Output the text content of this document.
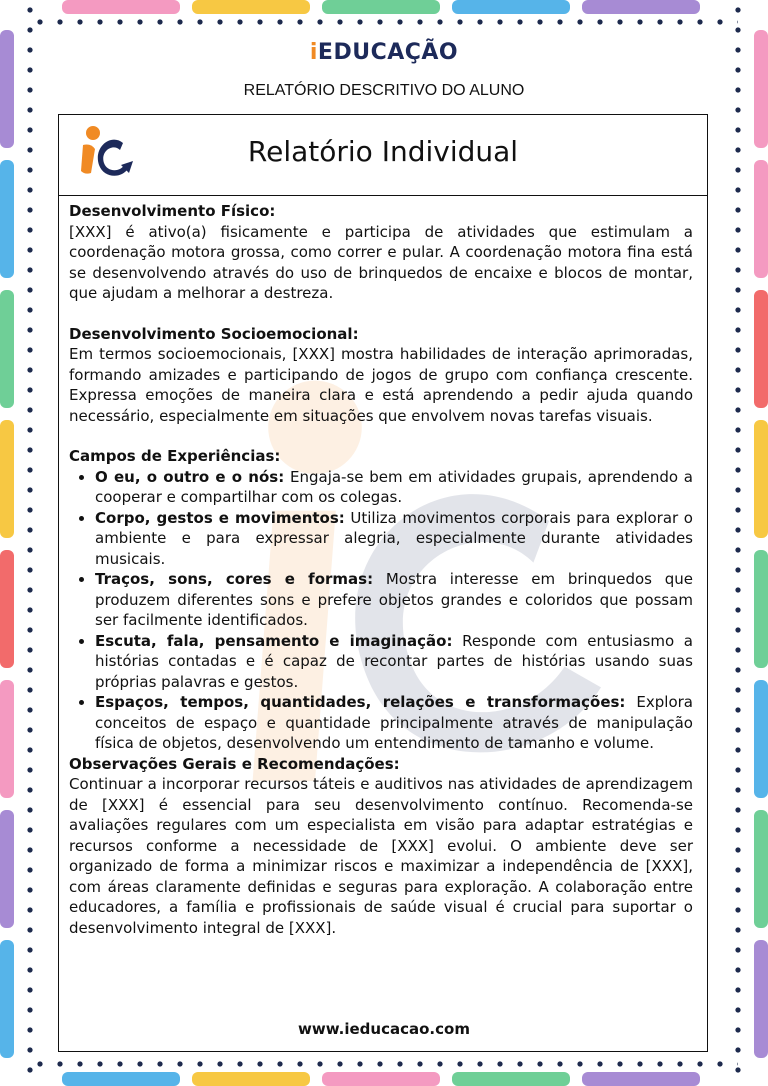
iEDUCAÇÃO
RELATÓRIO DESCRITIVO DO ALUNO
Relatório Individual
Desenvolvimento Físico:

[XXX] é ativo(a) fisicamente e participa de atividades que estimulam a coordenação motora grossa, como correr e pular. A coordenação motora fina está se desenvolvendo através do uso de brinquedos de encaixe e blocos de montar, que ajudam a melhorar a destreza.

Desenvolvimento Socioemocional:

Em termos socioemocionais, [XXX] mostra habilidades de interação aprimoradas, formando amizades e participando de jogos de grupo com confiança crescente. Expressa emoções de maneira clara e está aprendendo a pedir ajuda quando necessário, especialmente em situações que envolvem novas tarefas visuais.

Campos de Experiências:
• O eu, o outro e o nós: Engaja-se bem em atividades grupais, aprendendo a cooperar e compartilhar com os colegas.
• Corpo, gestos e movimentos: Utiliza movimentos corporais para explorar o ambiente e para expressar alegria, especialmente durante atividades musicais.
• Traços, sons, cores e formas: Mostra interesse em brinquedos que produzem diferentes sons e prefere objetos grandes e coloridos que possam ser facilmente identificados.
• Escuta, fala, pensamento e imaginação: Responde com entusiasmo a histórias contadas e é capaz de recontar partes de histórias usando suas próprias palavras e gestos.
• Espaços, tempos, quantidades, relações e transformações: Explora conceitos de espaço e quantidade principalmente através de manipulação física de objetos, desenvolvendo um entendimento de tamanho e volume.
Observações Gerais e Recomendações:

Continuar a incorporar recursos táteis e auditivos nas atividades de aprendizagem de [XXX] é essencial para seu desenvolvimento contínuo. Recomenda-se avaliações regulares com um especialista em visão para adaptar estratégias e recursos conforme a necessidade de [XXX] evolui. O ambiente deve ser organizado de forma a minimizar riscos e maximizar a independência de [XXX], com áreas claramente definidas e seguras para exploração. A colaboração entre educadores, a família e profissionais de saúde visual é crucial para suportar o desenvolvimento integral de [XXX].

www.ieducacao.com
